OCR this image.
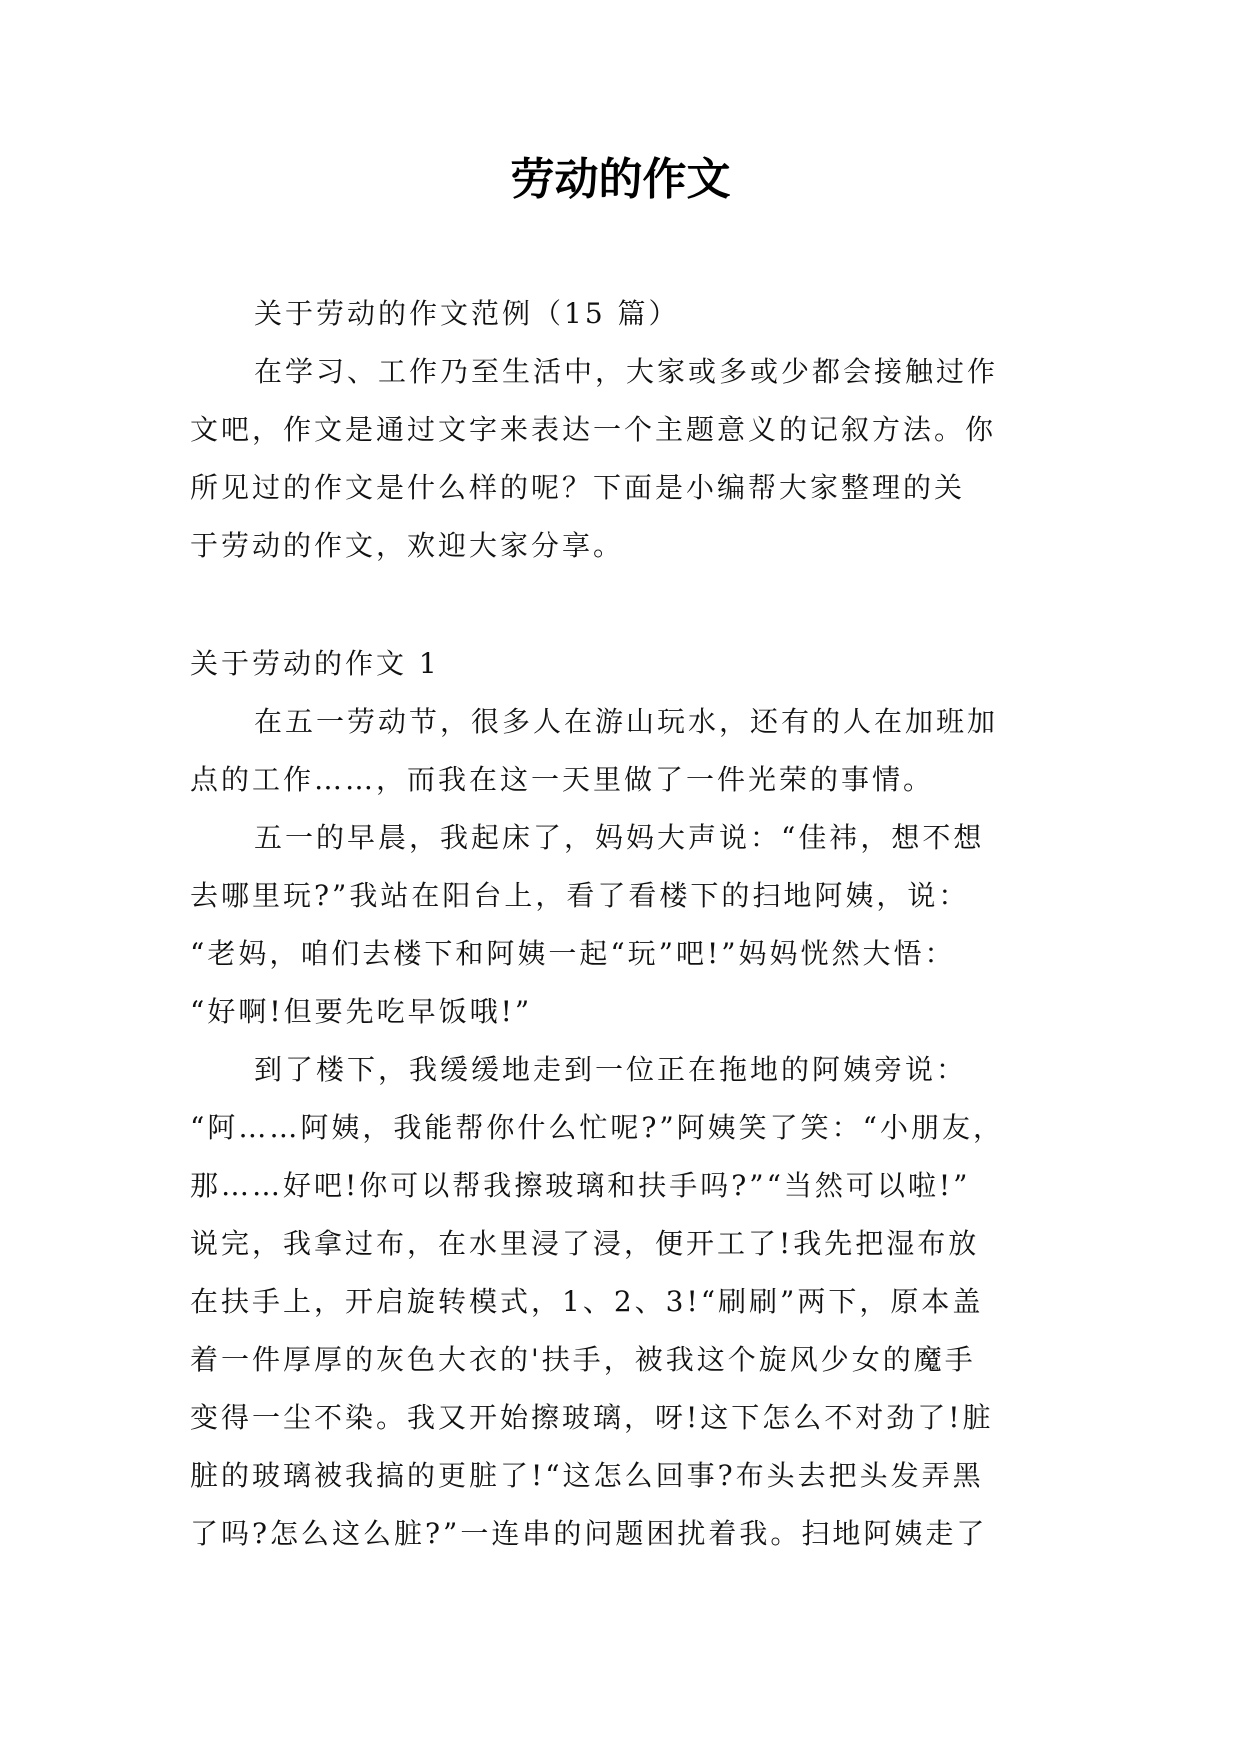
劳动的作文
关于劳动的作文范例（15 篇）
在学习、工作乃至生活中，大家或多或少都会接触过作
文吧，作文是通过文字来表达一个主题意义的记叙方法。你
所见过的作文是什么样的呢？下面是小编帮大家整理的关
于劳动的作文，欢迎大家分享。
关于劳动的作文 1
在五一劳动节，很多人在游山玩水，还有的人在加班加
点的工作……，而我在这一天里做了一件光荣的事情。
五一的早晨，我起床了，妈妈大声说：“佳祎，想不想
去哪里玩?”我站在阳台上，看了看楼下的扫地阿姨，说：
“老妈，咱们去楼下和阿姨一起“玩”吧!”妈妈恍然大悟：
“好啊!但要先吃早饭哦!”
到了楼下，我缓缓地走到一位正在拖地的阿姨旁说：
“阿……阿姨，我能帮你什么忙呢?”阿姨笑了笑：“小朋友，
那……好吧!你可以帮我擦玻璃和扶手吗?”“当然可以啦!”
说完，我拿过布，在水里浸了浸，便开工了!我先把湿布放
在扶手上，开启旋转模式，1、2、3!“刷刷”两下，原本盖
着一件厚厚的灰色大衣的'扶手，被我这个旋风少女的魔手
变得一尘不染。我又开始擦玻璃，呀!这下怎么不对劲了!脏
脏的玻璃被我搞的更脏了!“这怎么回事?布头去把头发弄黑
了吗?怎么这么脏?”一连串的问题困扰着我。扫地阿姨走了
